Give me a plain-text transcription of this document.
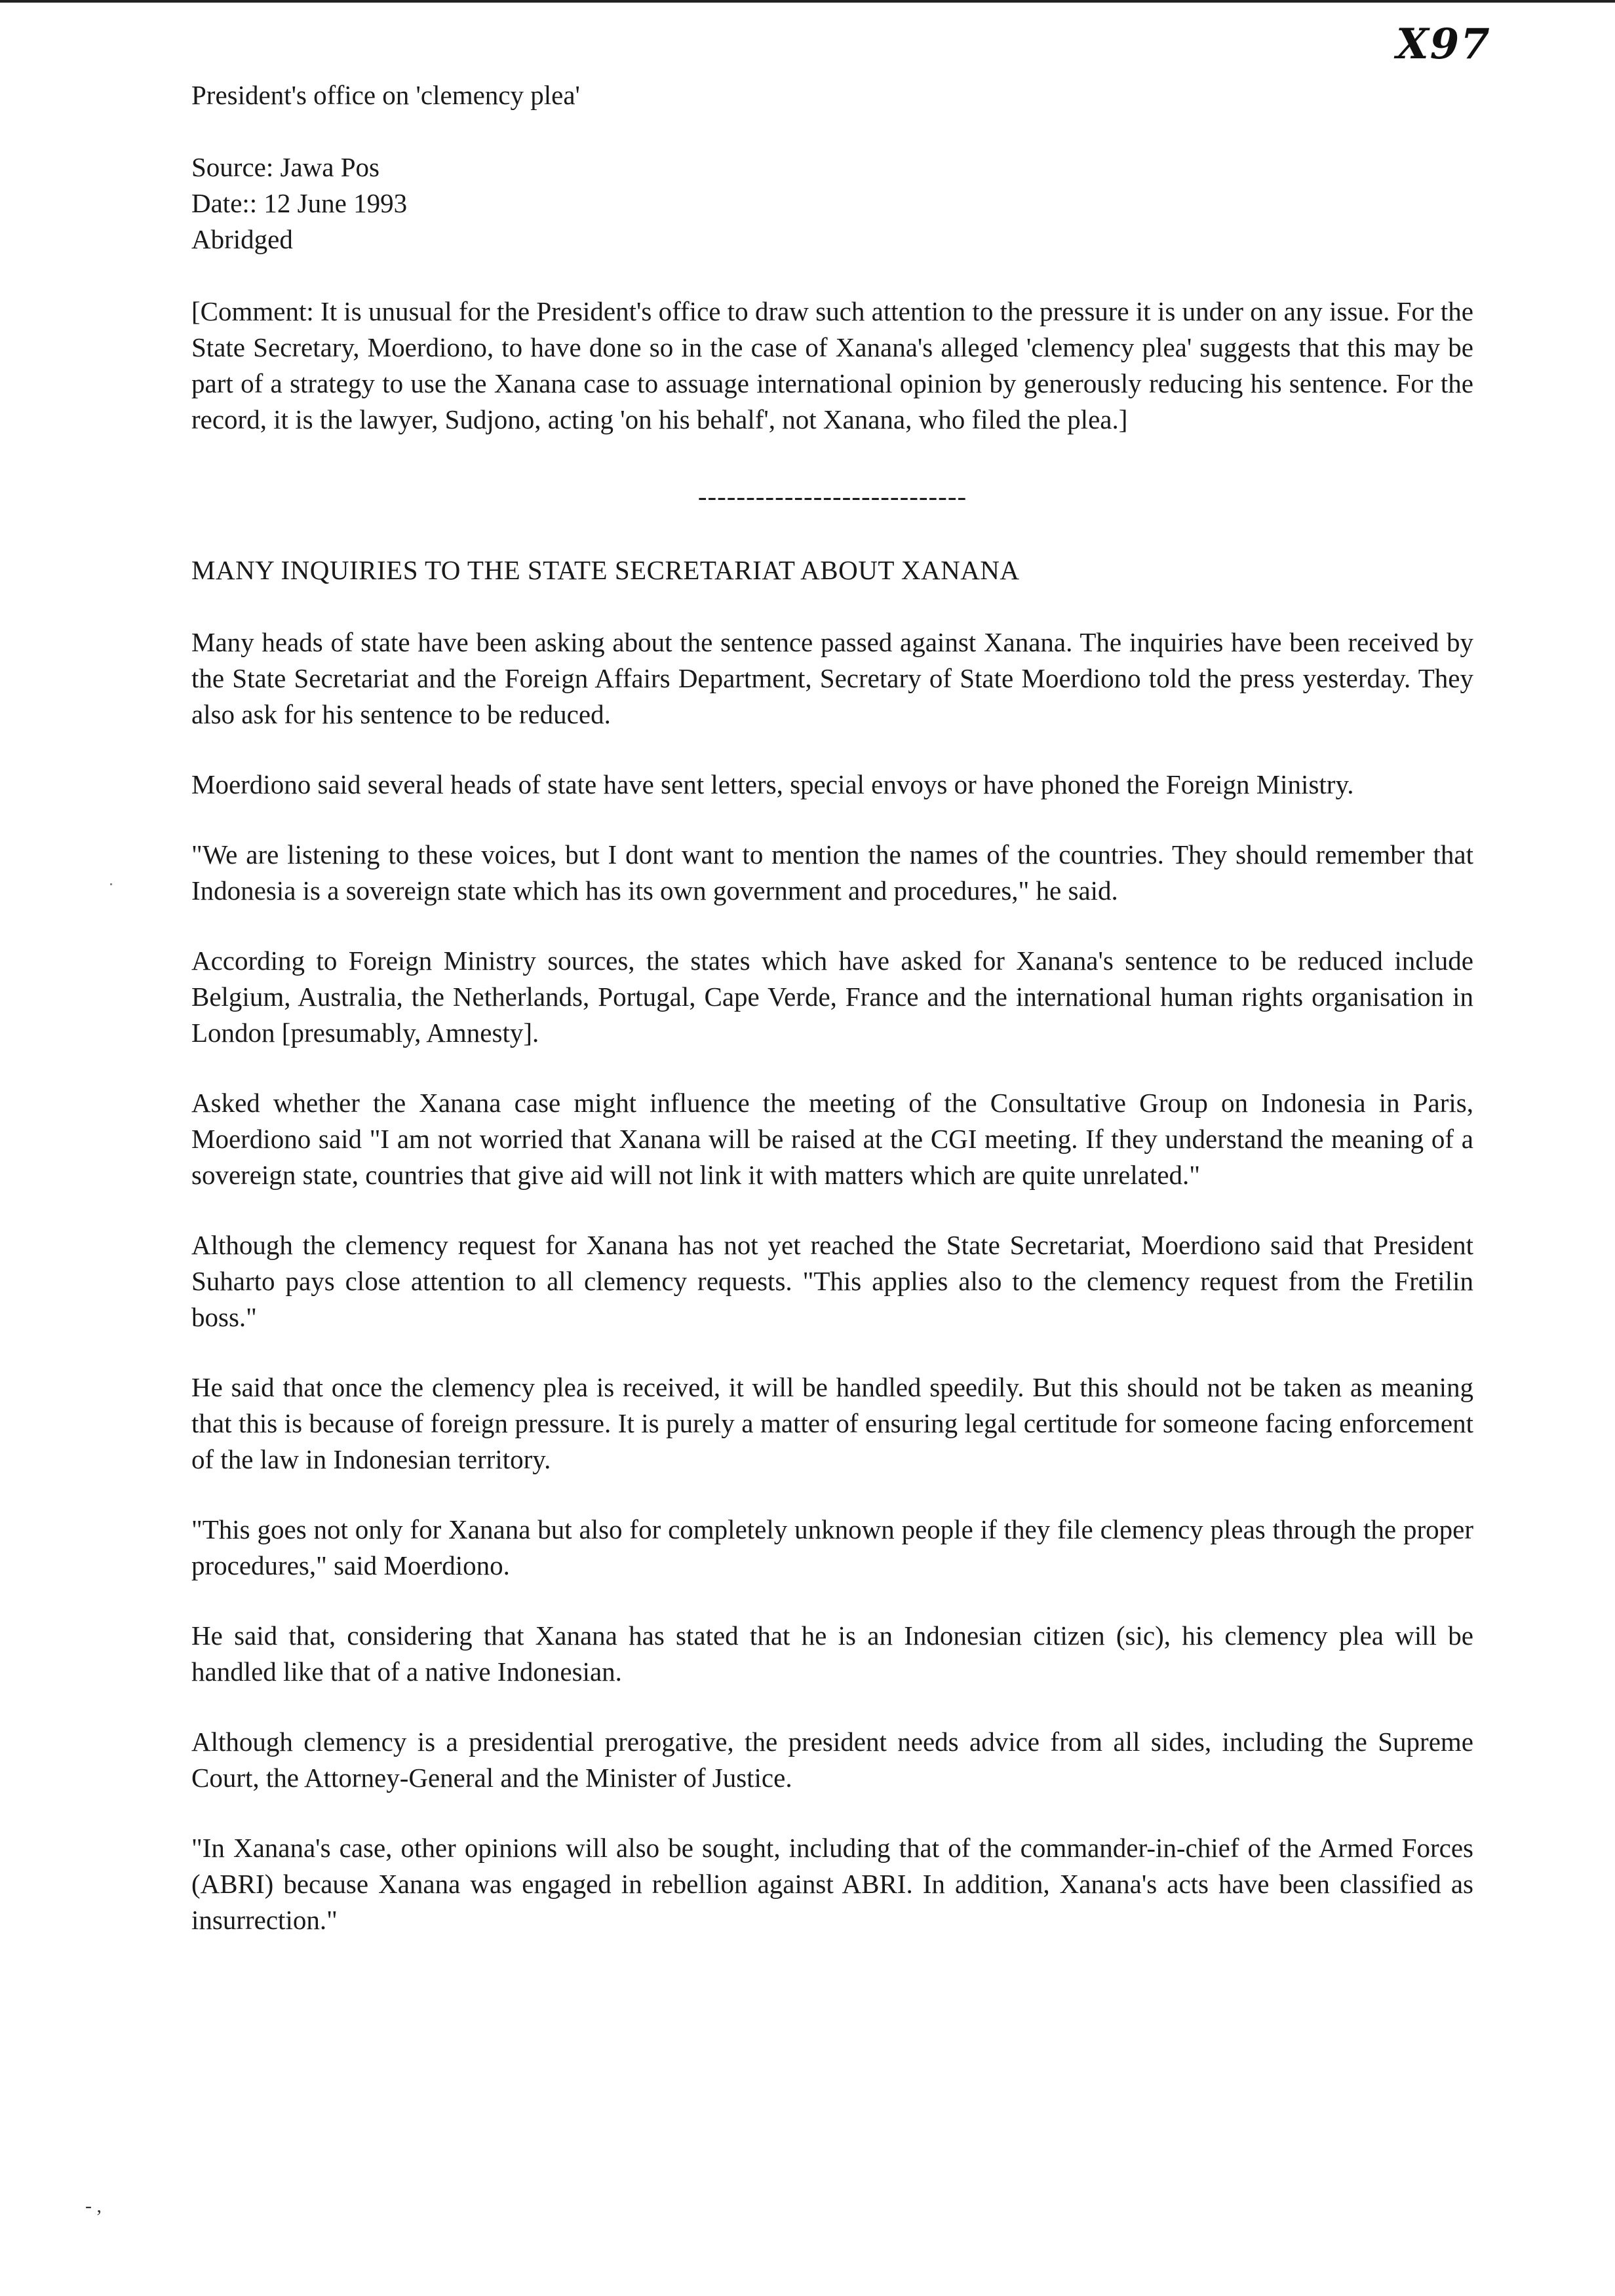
X97

President's office on 'clemency plea'

Source: Jawa Pos

Date:: 12 June 1993

Abridged

[Comment: It is unusual for the President's office to draw such attention to the pressure it is under on any issue. For the State Secretary, Moerdiono, to have done so in the case of Xanana's alleged 'clemency plea' suggests that this may be part of a strategy to use the Xanana case to assuage international opinion by generously reducing his sentence. For the record, it is the lawyer, Sudjono, acting 'on his behalf', not Xanana, who filed the plea.]

----------------------------

MANY INQUIRIES TO THE STATE SECRETARIAT ABOUT XANANA

Many heads of state have been asking about the sentence passed against Xanana. The inquiries have been received by the State Secretariat and the Foreign Affairs Department, Secretary of State Moerdiono told the press yesterday. They also ask for his sentence to be reduced.

Moerdiono said several heads of state have sent letters, special envoys or have phoned the Foreign Ministry.

"We are listening to these voices, but I dont want to mention the names of the countries. They should remember that Indonesia is a sovereign state which has its own government and procedures," he said.

According to Foreign Ministry sources, the states which have asked for Xanana's sentence to be reduced include Belgium, Australia, the Netherlands, Portugal, Cape Verde, France and the international human rights organisation in London [presumably, Amnesty].

Asked whether the Xanana case might influence the meeting of the Consultative Group on Indonesia in Paris, Moerdiono said "I am not worried that Xanana will be raised at the CGI meeting. If they understand the meaning of a sovereign state, countries that give aid will not link it with matters which are quite unrelated."

Although the clemency request for Xanana has not yet reached the State Secretariat, Moerdiono said that President Suharto pays close attention to all clemency requests. "This applies also to the clemency request from the Fretilin boss."

He said that once the clemency plea is received, it will be handled speedily. But this should not be taken as meaning that this is because of foreign pressure. It is purely a matter of ensuring legal certitude for someone facing enforcement of the law in Indonesian territory.

"This goes not only for Xanana but also for completely unknown people if they file clemency pleas through the proper procedures," said Moerdiono.

He said that, considering that Xanana has stated that he is an Indonesian citizen (sic), his clemency plea will be handled like that of a native Indonesian.

Although clemency is a presidential prerogative, the president needs advice from all sides, including the Supreme Court, the Attorney-General and the Minister of Justice.

"In Xanana's case, other opinions will also be sought, including that of the commander-in-chief of the Armed Forces (ABRI) because Xanana was engaged in rebellion against ABRI. In addition, Xanana's acts have been classified as insurrection."

- ,
